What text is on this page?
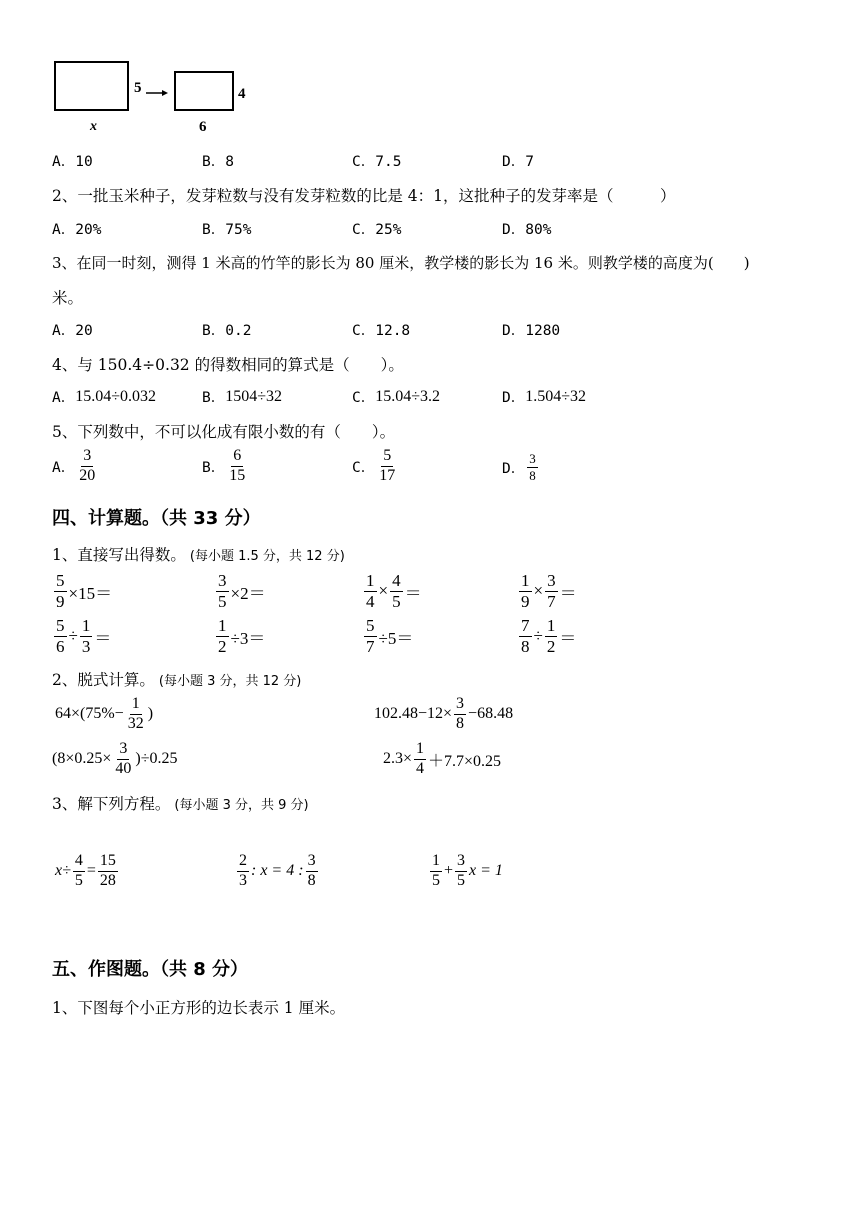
5	4
x	6
A．10	B．8	C．7.5	D．7
2、一批玉米种子，发芽粒数与没有发芽粒数的比是 4：1，这批种子的发芽率是（　　　）
A．20%	B．75%	C．25%	D．80%
3、在同一时刻，测得 1 米高的竹竿的影长为 80 厘米，教学楼的影长为 16 米。则教学楼的高度为(　　)
米。
A．20	B．0.2	C．12.8	D．1280
4、与 150.4÷0.32 的得数相同的算式是（　　）。
A． 15.04÷0.032	B． 1504÷32	C． 15.04÷3.2	D． 1.504÷32
5、下列数中，不可以化成有限小数的有（　　）。
A． $\frac{3}{20}$	B． $\frac{6}{15}$	C． $\frac{5}{17}$	D． $\frac{3}{8}$
四、计算题。（共 33 分）
1、直接写出得数。 (每小题 1.5 分，共 12 分)
$\frac{5}{9} \times 15=$	$\frac{3}{5} \times 2=$	$\frac{1}{4} \times \frac{4}{5}$ ＝	$\frac{1}{9} \times \frac{3}{7}$ ＝
$\frac{5}{6} \div \frac{1}{3}$ ＝	$\frac{1}{2} \div 3=$	$\frac{5}{7} \div 5=$	$\frac{7}{8} \div \frac{1}{2}$ ＝
2、脱式计算。 (每小题 3 分，共 12 分)
$64\times(75\%- \frac{1}{32}$ )	$102.48-12\times \frac{3}{8} -68.48$
$(8\times 0.25\times \frac{3}{40} )\div 0.25$	$2.3\times \frac{1}{4} +7.7\times 0.25$
3、解下列方程。 (每小题 3 分，共 9 分)
$x\div \frac{4}{5} = \frac{15}{28}$	$\frac{2}{3}$ : x = 4 : $\frac{3}{8}$	$\frac{1}{5} + \frac{3}{5}$ x = 1
五、作图题。（共 8 分）
1、下图每个小正方形的边长表示 1 厘米。
